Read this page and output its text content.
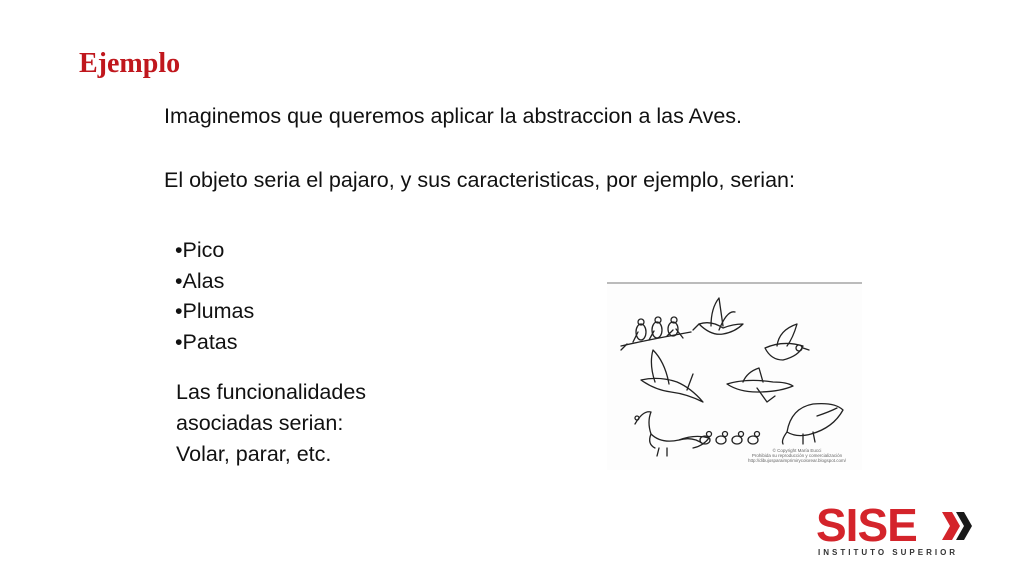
Ejemplo

Imaginemos que queremos aplicar la abstraccion a las Aves.

El objeto seria el pajaro, y sus caracteristicas, por ejemplo, serian:

•Pico
•Alas
•Plumas
•Patas

Las funcionalidades
asociadas serian:
Volar, parar, etc.	© Copyright María Eucci
Prohibida su reproducción y comercialización
http://dibujosparaimprimirycolorear.blogspot.com/
SISE
INSTITUTO SUPERIOR
